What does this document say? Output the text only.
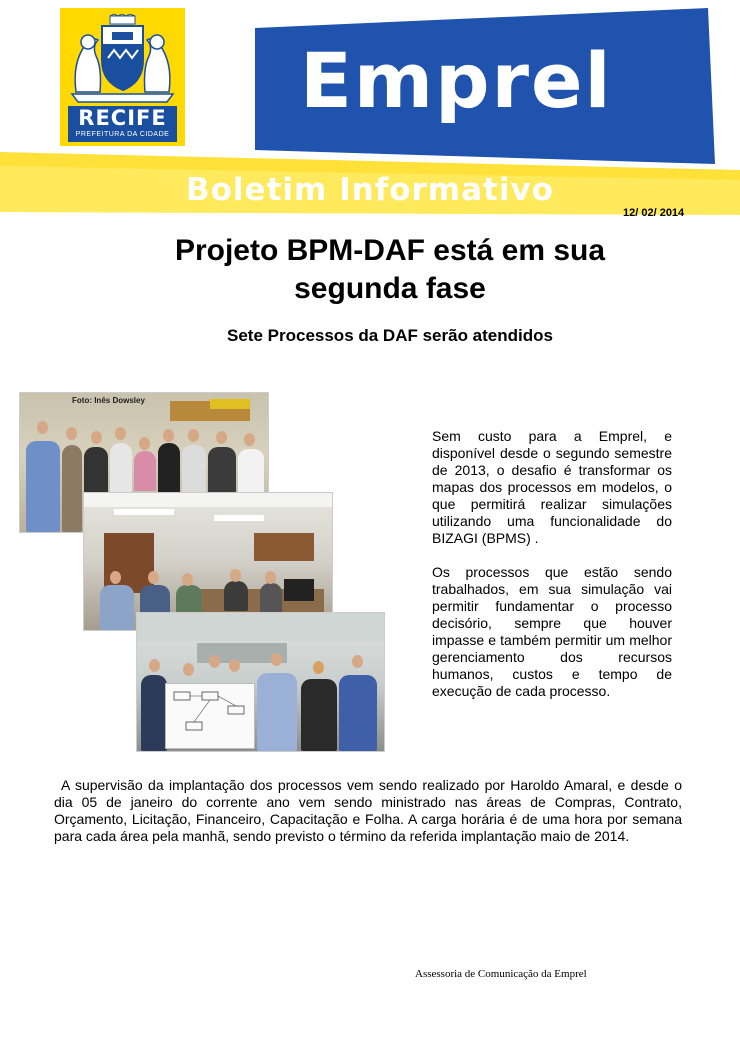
RECIFE
PREFEITURA DA CIDADE
Emprel
Boletim Informativo
12/ 02/ 2014
Projeto BPM-DAF está em sua segunda fase
Sete Processos da DAF serão atendidos
Foto: Inês Dowsley

Sem custo para a Emprel, e disponível desde o segundo semestre de 2013, o desafio é transformar os mapas dos processos em modelos, o que permitirá realizar simulações utilizando uma funcionalidade do BIZAGI (BPMS) .

Os processos que estão sendo trabalhados, em sua simulação vai permitir fundamentar o processo decisório, sempre que houver impasse e também permitir um melhor gerenciamento dos recursos humanos, custos e tempo de execução de cada processo.

A supervisão da implantação dos processos vem sendo realizado por Haroldo Amaral, e desde o dia 05 de janeiro do corrente ano vem sendo ministrado nas áreas de Compras, Contrato, Orçamento, Licitação, Financeiro, Capacitação e Folha. A carga horária é de uma hora por semana para cada área pela manhã, sendo previsto o término da referida implantação maio de 2014.
Assessoria de Comunicação da Emprel
